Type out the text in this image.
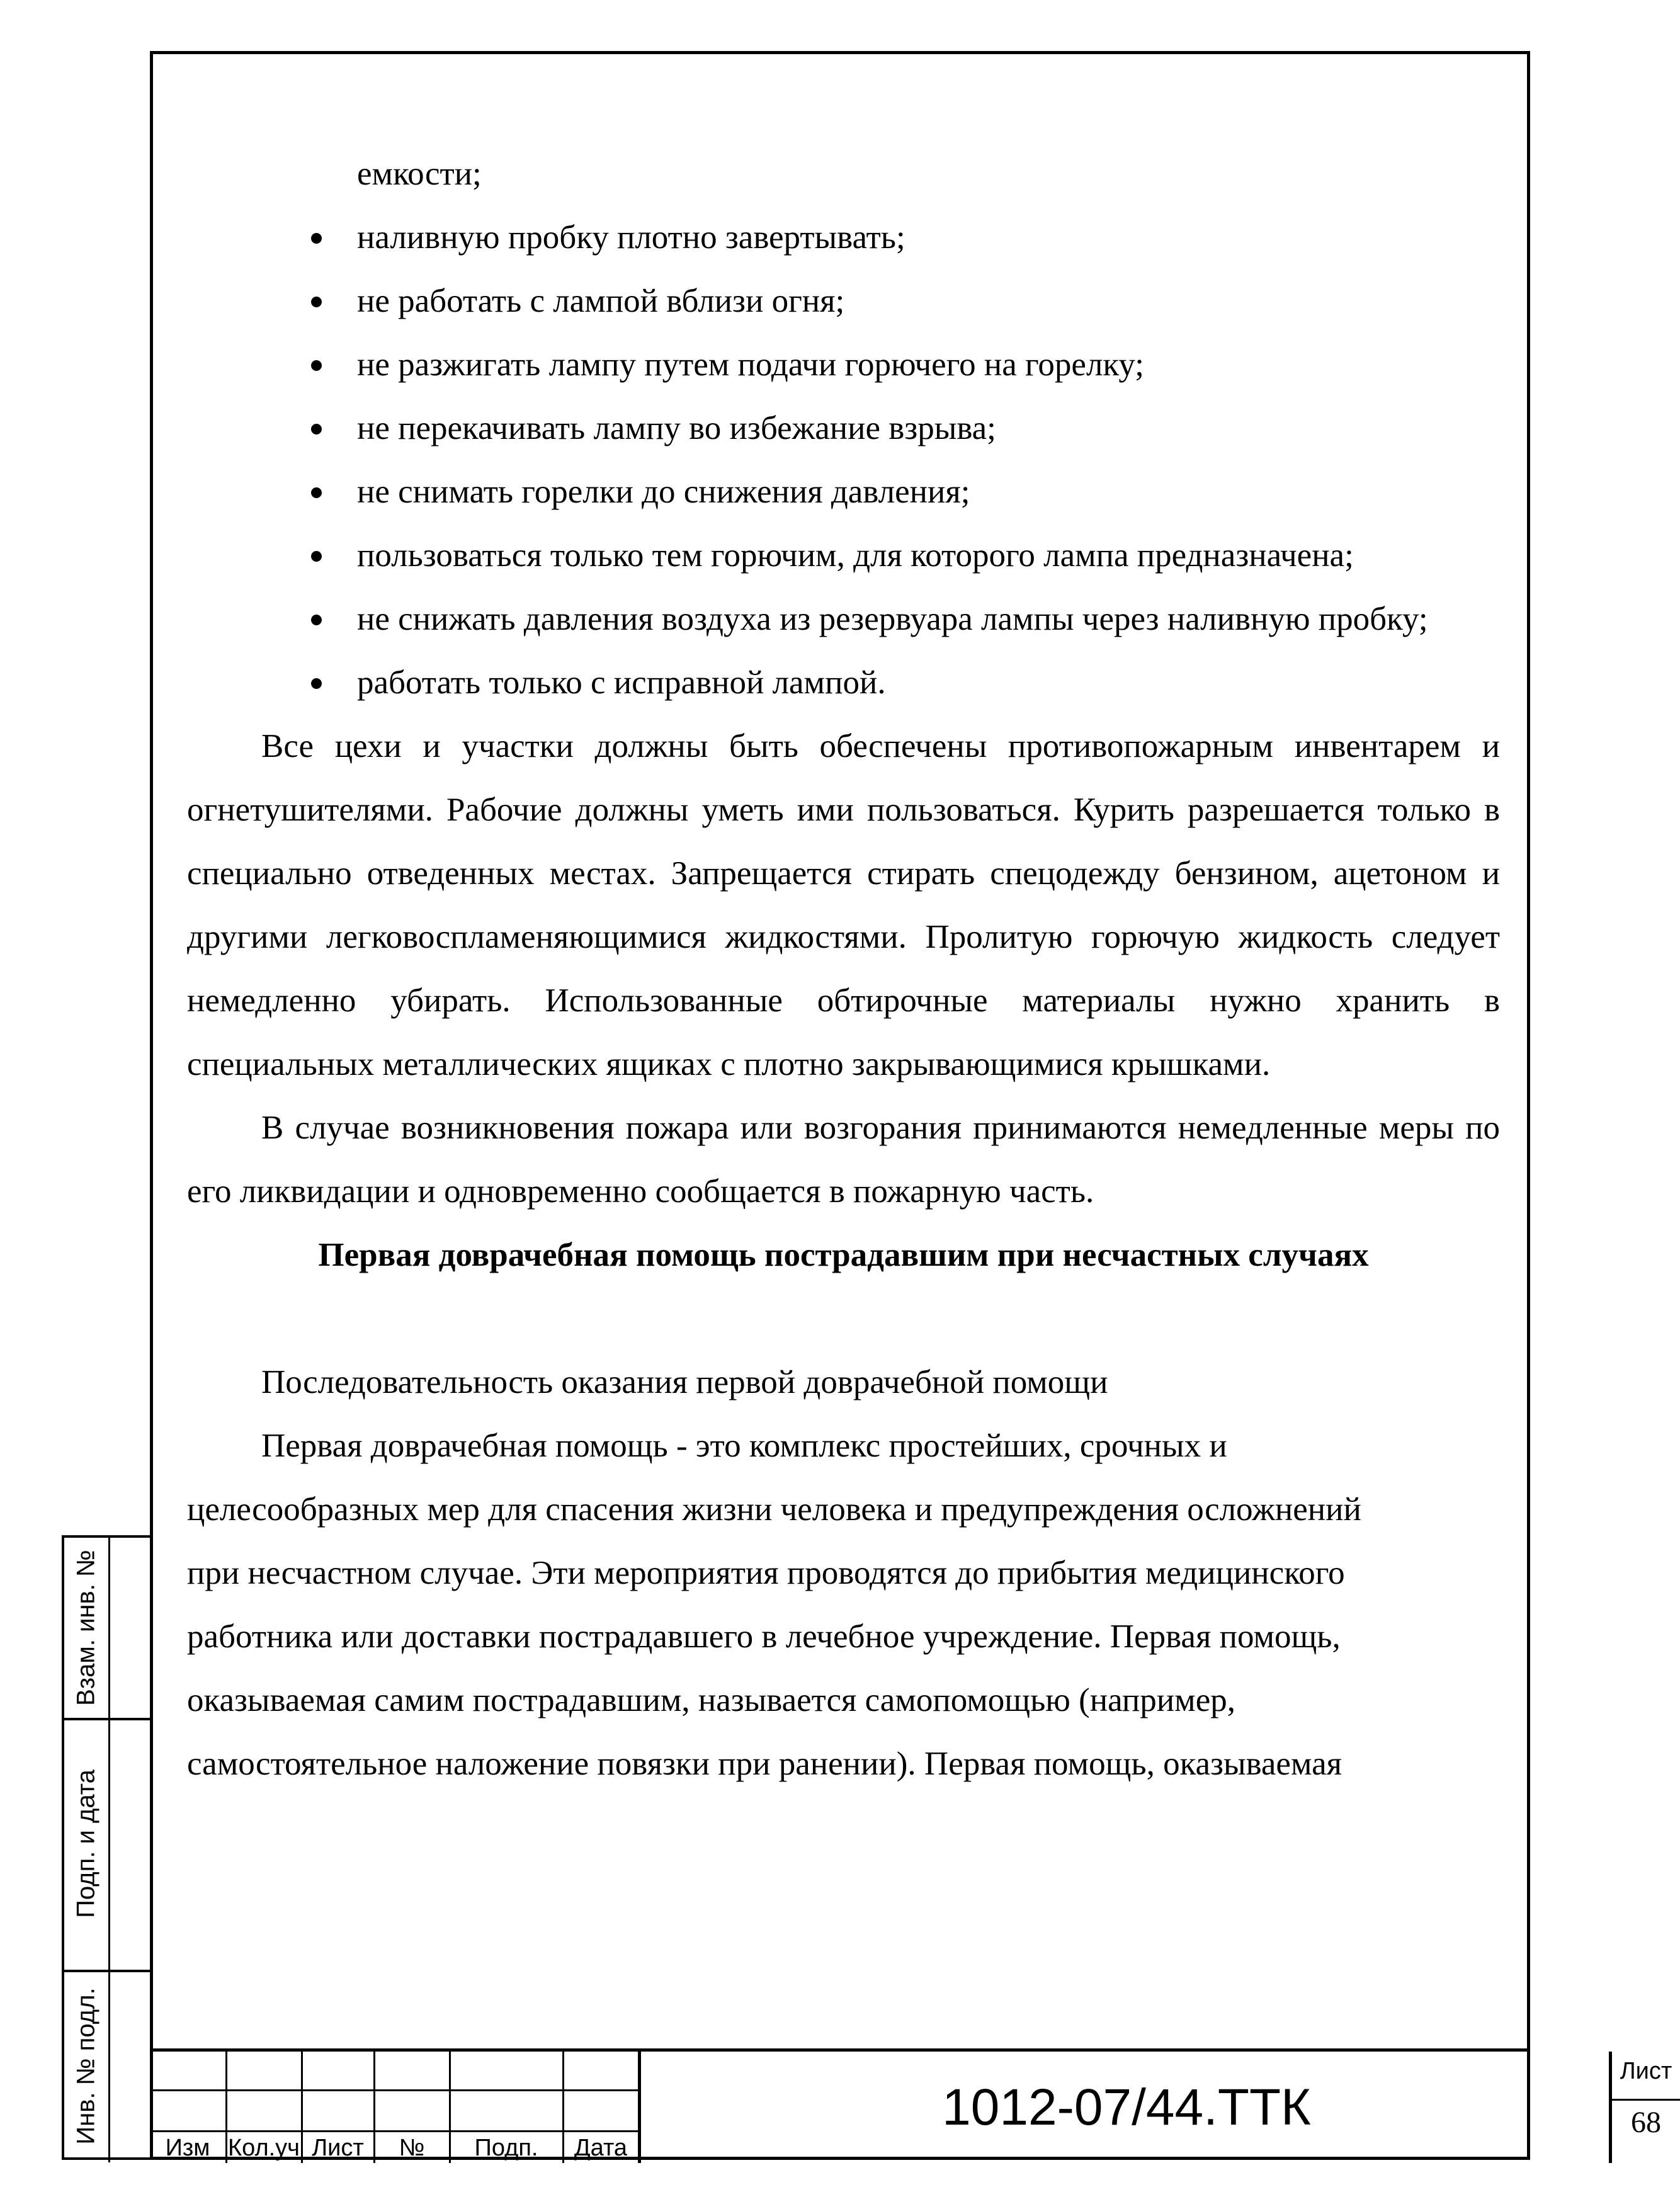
емкости;

наливную пробку плотно завертывать;
не работать с лампой вблизи огня;
не разжигать лампу путем подачи горючего на горелку;
не перекачивать лампу во избежание взрыва;
не снимать горелки до снижения давления;
пользоваться только тем горючим, для которого лампа предназначена;
не снижать давления воздуха из резервуара лампы через наливную пробку;
работать только с исправной лампой.

Все цехи и участки должны быть обеспечены противопожарным инвентарем и огнетушителями. Рабочие должны уметь ими пользоваться. Курить разрешается только в специально отведенных местах. Запрещается стирать спецодежду бензином, ацетоном и другими легковоспламеняющимися жидкостями. Пролитую горючую жидкость следует немедленно убирать. Использованные обтирочные материалы нужно хранить в специальных металлических ящиках с плотно закрывающимися крышками.

В случае возникновения пожара или возгорания принимаются немедленные меры по его ликвидации и одновременно сообщается в пожарную часть.

Первая доврачебная помощь пострадавшим при несчастных случаях

Последовательность оказания первой доврачебной помощи

Первая доврачебная помощь - это комплекс простейших, срочных и

целесообразных мер для спасения жизни человека и предупреждения осложнений

при несчастном случае. Эти мероприятия проводятся до прибытия медицинского

работника или доставки пострадавшего в лечебное учреждение. Первая помощь,

оказываемая самим пострадавшим, называется самопомощью (например,

самостоятельное наложение повязки при ранении). Первая помощь, оказываемая

Взам. инв. №
Подп. и дата
Инв. № подл.
Изм Кол.уч Лист	№	Подп.	Дата
1012-07/44.ТТК
Лист
68
